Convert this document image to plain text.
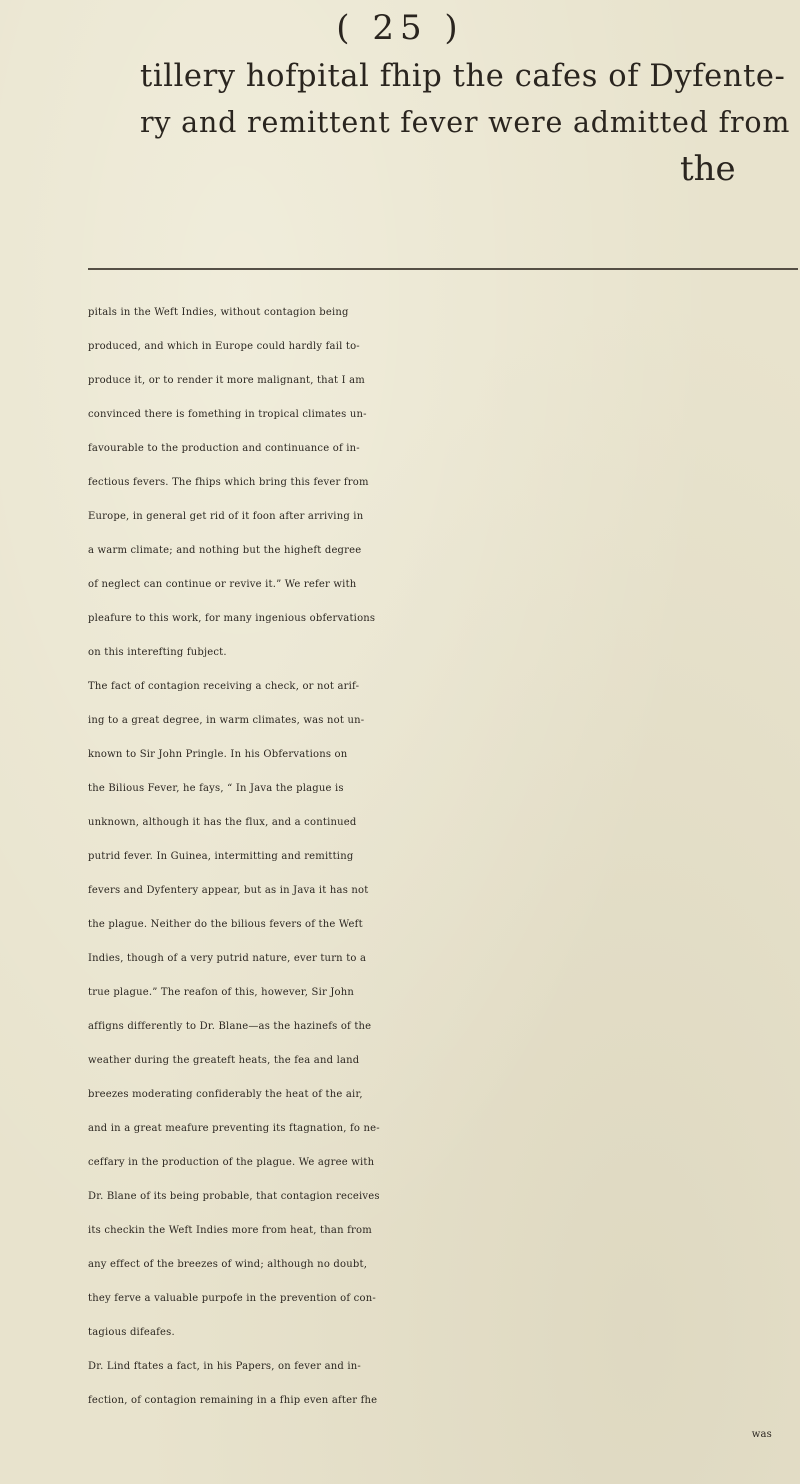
( 25 )
tillery hofpital fhip the cafes of Dyfente-
ry and remittent fever were admitted from
the
pitals in the Weft Indies, without contagion being
produced, and which in Europe could hardly fail to-
produce it, or to render it more malignant, that I am
convinced there is fomething in tropical climates un-
favourable to the production and continuance of in-
fectious fevers. The fhips which bring this fever from
Europe, in general get rid of it foon after arriving in
a warm climate; and nothing but the higheft degree
of neglect can continue or revive it.” We refer with
pleafure to this work, for many ingenious obfervations
on this interefting fubject.
The fact of contagion receiving a check, or not arif-
ing to a great degree, in warm climates, was not un-
known to Sir John Pringle. In his Obfervations on
the Bilious Fever, he fays, “ In Java the plague is
unknown, although it has the flux, and a continued
putrid fever. In Guinea, intermitting and remitting
fevers and Dyfentery appear, but as in Java it has not
the plague. Neither do the bilious fevers of the Weft
Indies, though of a very putrid nature, ever turn to a
true plague.” The reafon of this, however, Sir John
affigns differently to Dr. Blane—as the hazinefs of the
weather during the greateft heats, the fea and land
breezes moderating confiderably the heat of the air,
and in a great meafure preventing its ftagnation, fo ne-
ceffary in the production of the plague. We agree with
Dr. Blane of its being probable, that contagion receives
its checkin the Weft Indies more from heat, than from
any effect of the breezes of wind; although no doubt,
they ferve a valuable purpofe in the prevention of con-
tagious difeafes.
Dr. Lind ftates a fact, in his Papers, on fever and in-
fection, of contagion remaining in a fhip even after fhe
was
